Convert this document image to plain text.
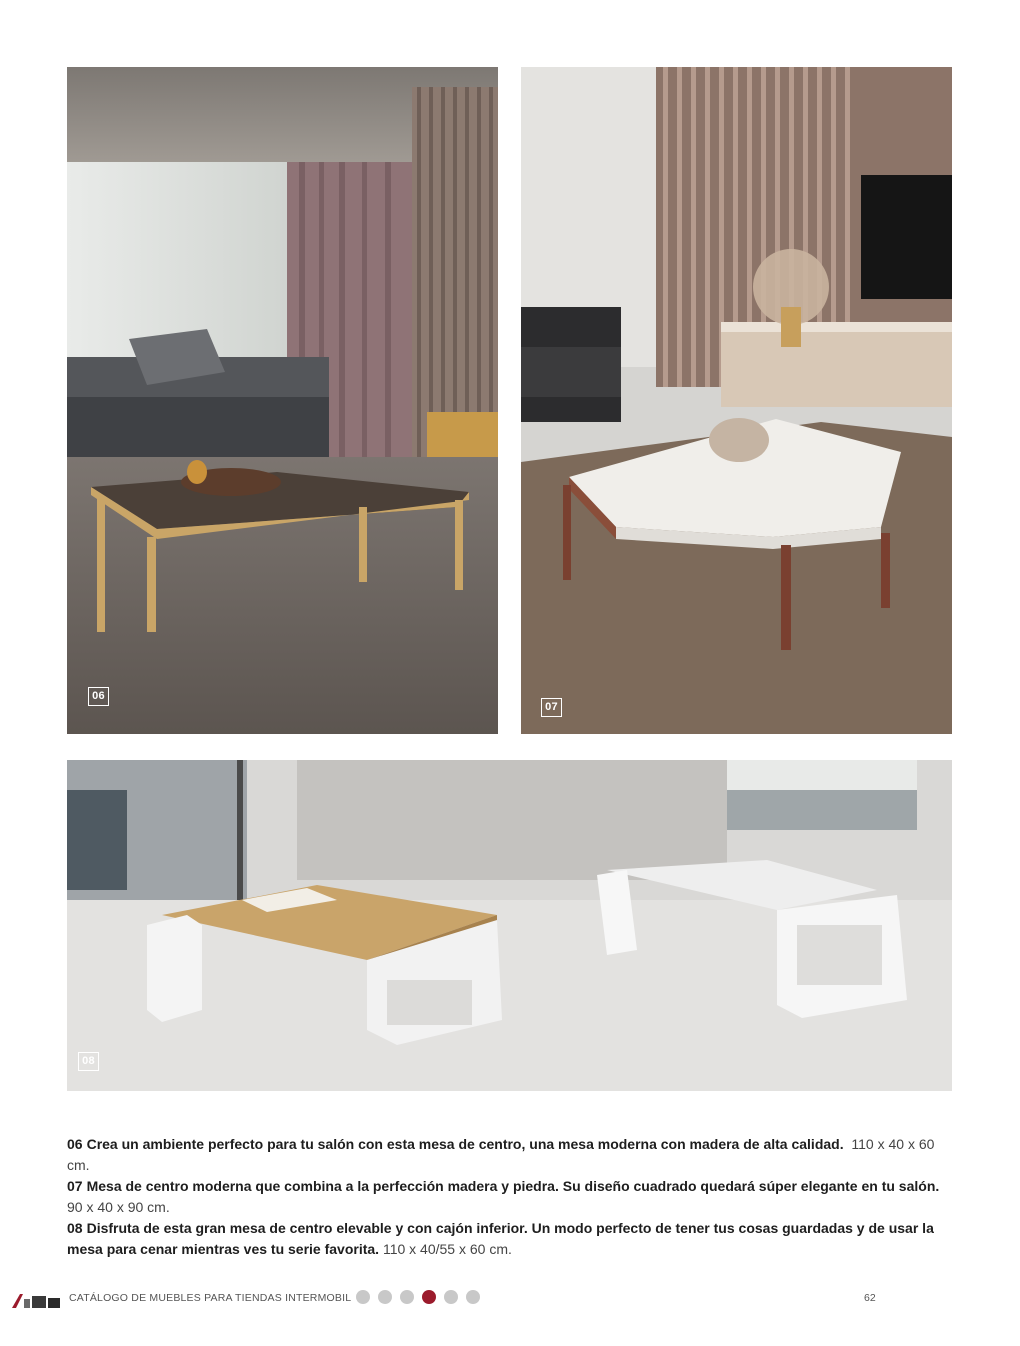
06
07
08

06 Crea un ambiente perfecto para tu salón con esta mesa de centro, una mesa moderna con madera de alta calidad. 110 x 40 x 60 cm.

07 Mesa de centro moderna que combina a la perfección madera y piedra. Su diseño cuadrado quedará súper elegante en tu salón.
90 x 40 x 90 cm.

08 Disfruta de esta gran mesa de centro elevable y con cajón inferior. Un modo perfecto de tener tus cosas guardadas y de usar la mesa para cenar mientras ves tu serie favorita. 110 x 40/55 x 60 cm.

CATÁLOGO DE MUEBLES PARA TIENDAS INTERMOBIL	62
